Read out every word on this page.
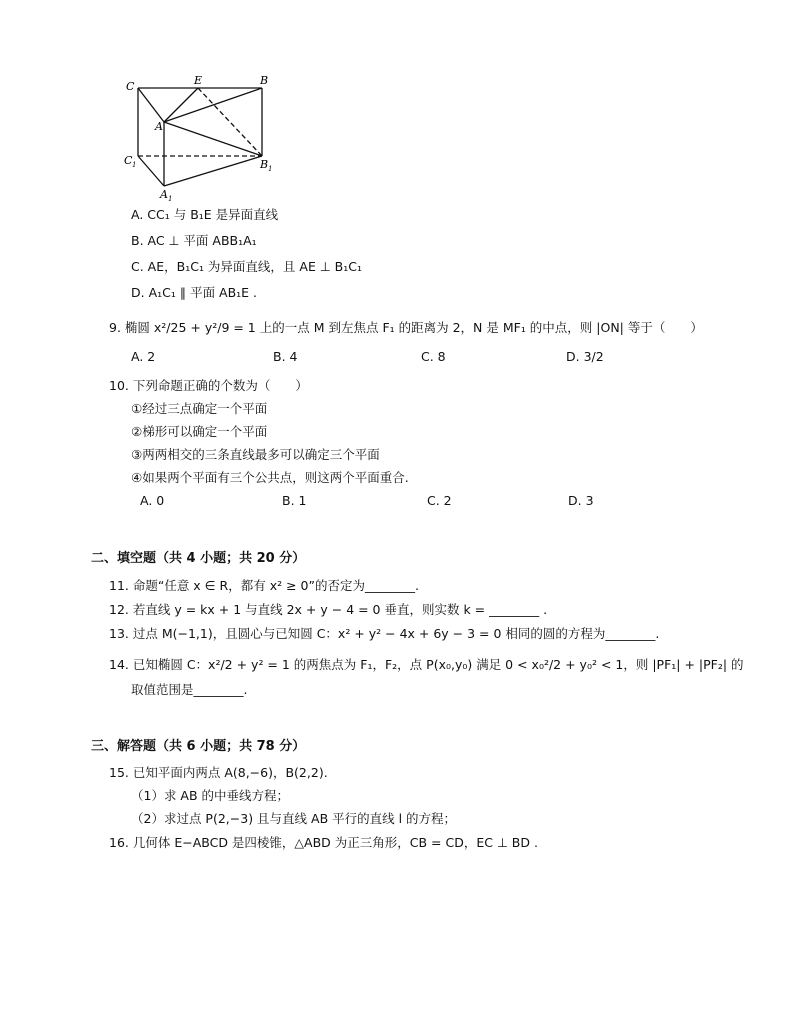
C	E	B
A
C 1	B 1
A 1
A. CC₁ 与 B₁E 是异面直线
B. AC ⊥ 平面 ABB₁A₁
C. AE，B₁C₁ 为异面直线，且 AE ⊥ B₁C₁
D. A₁C₁ ∥ 平面 AB₁E .
9. 椭圆 x²/25 + y²/9 = 1 上的一点 M 到左焦点 F₁ 的距离为 2，N 是 MF₁ 的中点，则 |ON| 等于（　　）
A. 2	B. 4	C. 8	D. 3/2
10. 下列命题正确的个数为（　　）
①经过三点确定一个平面
②梯形可以确定一个平面
③两两相交的三条直线最多可以确定三个平面
④如果两个平面有三个公共点，则这两个平面重合.
A. 0	B. 1	C. 2	D. 3
二、填空题（共 4 小题；共 20 分）
11. 命题“任意 x ∈ R，都有 x² ≥ 0”的否定为________.
12. 若直线 y = kx + 1 与直线 2x + y − 4 = 0 垂直，则实数 k = ________ .
13. 过点 M(−1,1)，且圆心与已知圆 C：x² + y² − 4x + 6y − 3 = 0 相同的圆的方程为________.
14. 已知椭圆 C：x²/2 + y² = 1 的两焦点为 F₁，F₂，点 P(x₀,y₀) 满足 0 < x₀²/2 + y₀² < 1，则 |PF₁| + |PF₂| 的
取值范围是________.
三、解答题（共 6 小题；共 78 分）
15. 已知平面内两点 A(8,−6)，B(2,2).
（1）求 AB 的中垂线方程；
（2）求过点 P(2,−3) 且与直线 AB 平行的直线 l 的方程；
16. 几何体 E−ABCD 是四棱锥，△ABD 为正三角形，CB = CD，EC ⊥ BD .
